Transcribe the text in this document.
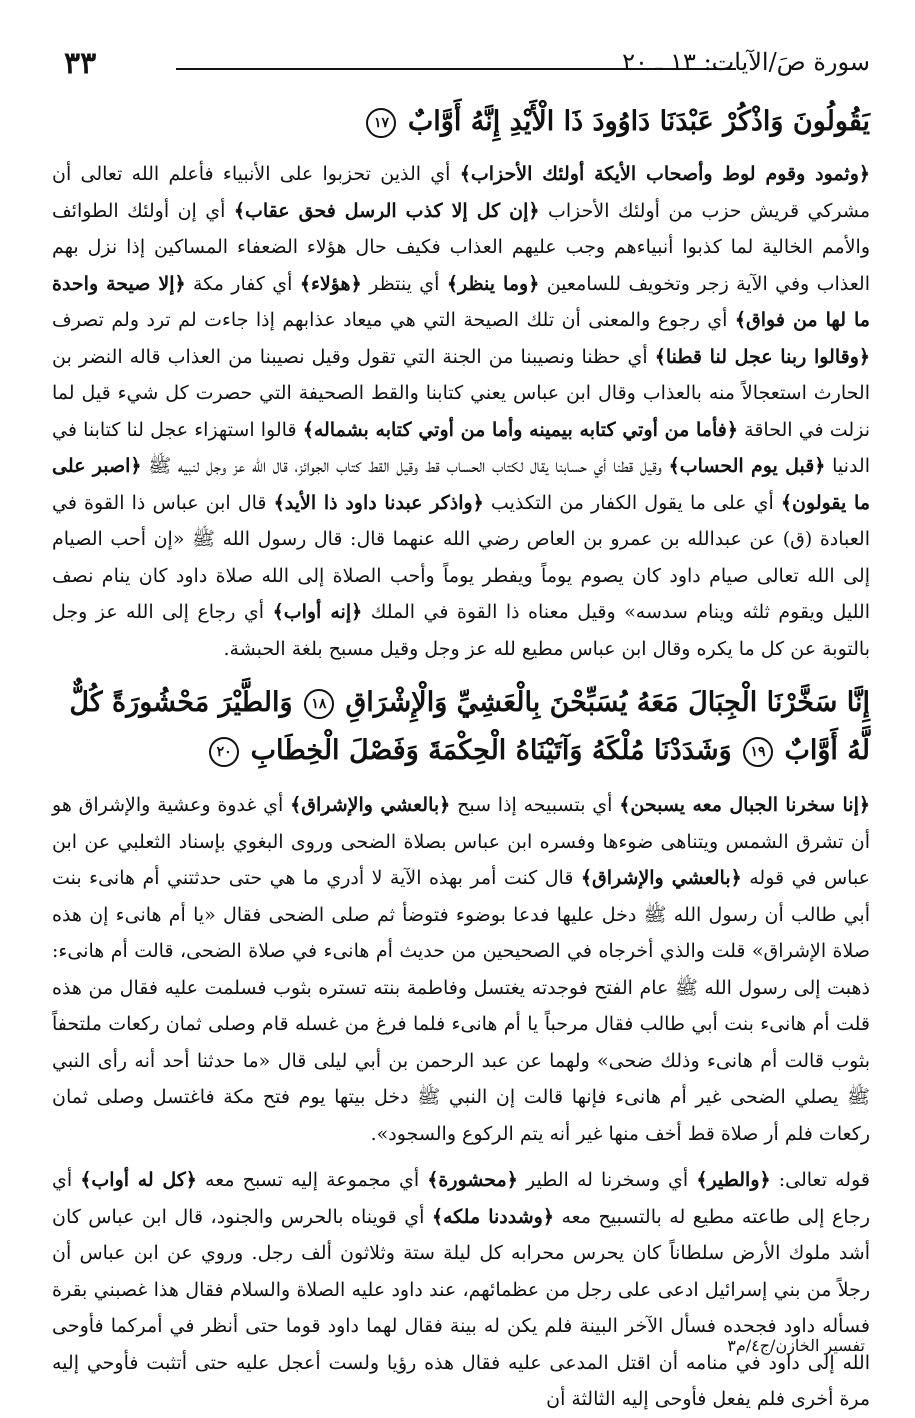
٣٣	سورة صَ/الآيات: ١٣ ـ ٢٠

يَقُولُونَ وَاذْكُرْ عَبْدَنَا دَاوُودَ ذَا الْأَيْدِ إِنَّهُ أَوَّابٌ ١٧

﴿وثمود وقوم لوط وأصحاب الأيكة أولئك الأحزاب﴾ أي الذين تحزبوا على الأنبياء فأعلم الله تعالى أن مشركي قريش حزب من أولئك الأحزاب ﴿إن كل إلا كذب الرسل فحق عقاب﴾ أي إن أولئك الطوائف والأمم الخالية لما كذبوا أنبياءهم وجب عليهم العذاب فكيف حال هؤلاء الضعفاء المساكين إذا نزل بهم العذاب وفي الآية زجر وتخويف للسامعين ﴿وما ينظر﴾ أي ينتظر ﴿هؤلاء﴾ أي كفار مكة ﴿إلا صيحة واحدة ما لها من فواق﴾ أي رجوع والمعنى أن تلك الصيحة التي هي ميعاد عذابهم إذا جاءت لم ترد ولم تصرف ﴿وقالوا ربنا عجل لنا قطنا﴾ أي حظنا ونصيبنا من الجنة التي تقول وقيل نصيبنا من العذاب قاله النضر بن الحارث استعجالاً منه بالعذاب وقال ابن عباس يعني كتابنا والقط الصحيفة التي حصرت كل شيء قيل لما نزلت في الحاقة ﴿فأما من أوتي كتابه بيمينه وأما من أوتي كتابه بشماله﴾ قالوا استهزاء عجل لنا كتابنا في الدنيا ﴿قبل يوم الحساب﴾ وقيل قطنا أي حسابنا يقال لكتاب الحساب قط وقيل القط كتاب الجوائز، قال الله عز وجل لنبيه ﷺ ﴿اصبر على ما يقولون﴾ أي على ما يقول الكفار من التكذيب ﴿واذكر عبدنا داود ذا الأيد﴾ قال ابن عباس ذا القوة في العبادة (ق) عن عبدالله بن عمرو بن العاص رضي الله عنهما قال: قال رسول الله ﷺ «إن أحب الصيام إلى الله تعالى صيام داود كان يصوم يوماً ويفطر يوماً وأحب الصلاة إلى الله صلاة داود كان ينام نصف الليل ويقوم ثلثه وينام سدسه» وقيل معناه ذا القوة في الملك ﴿إنه أواب﴾ أي رجاع إلى الله عز وجل بالتوبة عن كل ما يكره وقال ابن عباس مطيع لله عز وجل وقيل مسبح بلغة الحبشة.

إِنَّا سَخَّرْنَا الْجِبَالَ مَعَهُ يُسَبِّحْنَ بِالْعَشِيِّ وَالْإِشْرَاقِ ١٨ وَالطَّيْرَ مَحْشُورَةً كُلٌّ لَّهُ أَوَّابٌ ١٩ وَشَدَدْنَا مُلْكَهُ وَآتَيْنَاهُ الْحِكْمَةَ وَفَصْلَ الْخِطَابِ ٢٠

﴿إنا سخرنا الجبال معه يسبحن﴾ أي بتسبيحه إذا سبح ﴿بالعشي والإشراق﴾ أي غدوة وعشية والإشراق هو أن تشرق الشمس ويتناهى ضوءها وفسره ابن عباس بصلاة الضحى وروى البغوي بإسناد الثعلبي عن ابن عباس في قوله ﴿بالعشي والإشراق﴾ قال كنت أمر بهذه الآية لا أدري ما هي حتى حدثتني أم هانىء بنت أبي طالب أن رسول الله ﷺ دخل عليها فدعا بوضوء فتوضأ ثم صلى الضحى فقال «يا أم هانىء إن هذه صلاة الإشراق» قلت والذي أخرجاه في الصحيحين من حديث أم هانىء في صلاة الضحى، قالت أم هانىء: ذهبت إلى رسول الله ﷺ عام الفتح فوجدته يغتسل وفاطمة بنته تستره بثوب فسلمت عليه فقال من هذه قلت أم هانىء بنت أبي طالب فقال مرحباً يا أم هانىء فلما فرغ من غسله قام وصلى ثمان ركعات ملتحفاً بثوب قالت أم هانىء وذلك ضحى» ولهما عن عبد الرحمن بن أبي ليلى قال «ما حدثنا أحد أنه رأى النبي ﷺ يصلي الضحى غير أم هانىء فإنها قالت إن النبي ﷺ دخل بيتها يوم فتح مكة فاغتسل وصلى ثمان ركعات فلم أر صلاة قط أخف منها غير أنه يتم الركوع والسجود».

قوله تعالى: ﴿والطير﴾ أي وسخرنا له الطير ﴿محشورة﴾ أي مجموعة إليه تسبح معه ﴿كل له أواب﴾ أي رجاع إلى طاعته مطيع له بالتسبيح معه ﴿وشددنا ملكه﴾ أي قويناه بالحرس والجنود، قال ابن عباس كان أشد ملوك الأرض سلطاناً كان يحرس محرابه كل ليلة ستة وثلاثون ألف رجل. وروي عن ابن عباس أن رجلاً من بني إسرائيل ادعى على رجل من عظمائهم، عند داود عليه الصلاة والسلام فقال هذا غصبني بقرة فسأله داود فجحده فسأل الآخر البينة فلم يكن له بينة فقال لهما داود قوما حتى أنظر في أمركما فأوحى الله إلى داود في منامه أن اقتل المدعى عليه فقال هذه رؤيا ولست أعجل عليه حتى أتثبت فأوحي إليه مرة أخرى فلم يفعل فأوحى إليه الثالثة أن

تفسير الخازن/ج٤/م٣
